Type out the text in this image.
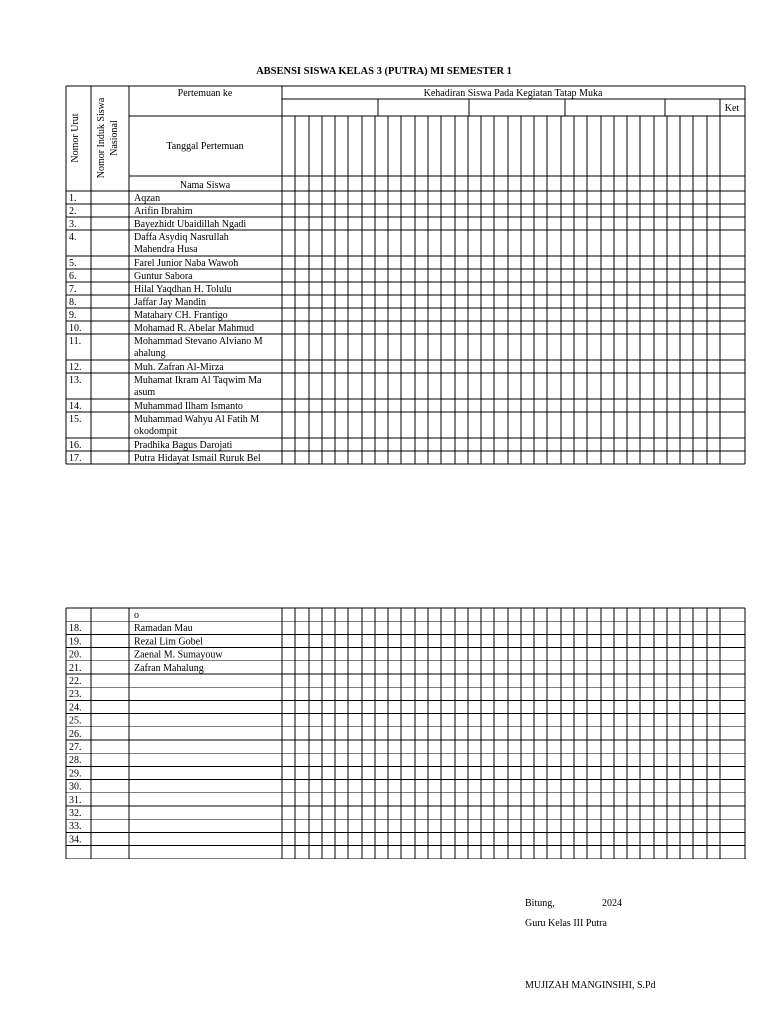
ABSENSI SISWA KELAS 3 (PUTRA) MI SEMESTER 1
Nomor Urut Nomor Induk Siswa Nasional
Pertemuan ke	Kehadiran Siswa Pada Kegiatan Tatap Muka
Ket
Tanggal Pertemuan
Nama Siswa
1.	Aqzan
2.	Arifin Ibrahim
3.	Bayezhidt Ubaidillah Ngadi
4.	Daffa Asydiq Nasrullah
Mahendra Husa
5.	Farel Junior Naba Wawoh
6.	Guntur Sabora
7.	Hilal Yaqdhan H. Tolulu
8.	Jaffar Jay Mandin
9.	Matahary CH. Frantigo
10.	Mohamad R. Abelar Mahmud
11.	Mohammad Stevano Alviano M
ahalung
12.	Muh. Zafran Al-Mirza
13.	Muhamat Ikram Al Taqwim Ma
asum
14.	Muhammad Ilham Ismanto
15.	Muhammad Wahyu Al Fatih M
okodompit
16.	Pradhika Bagus Darojati
17.	Putra Hidayat Ismail Ruruk Bel
o
18.	Ramadan Mau
19.	Rezal Lim Gobel
20.	Zaenal M. Sumayouw
21.	Zafran Mahalung
22.
23.
24.
25.
26.
27.
28.
29.
30.
31.
32.
33.
34.
Bitung,	2024
Guru Kelas III Putra
MUJIZAH MANGINSIHI, S.Pd
